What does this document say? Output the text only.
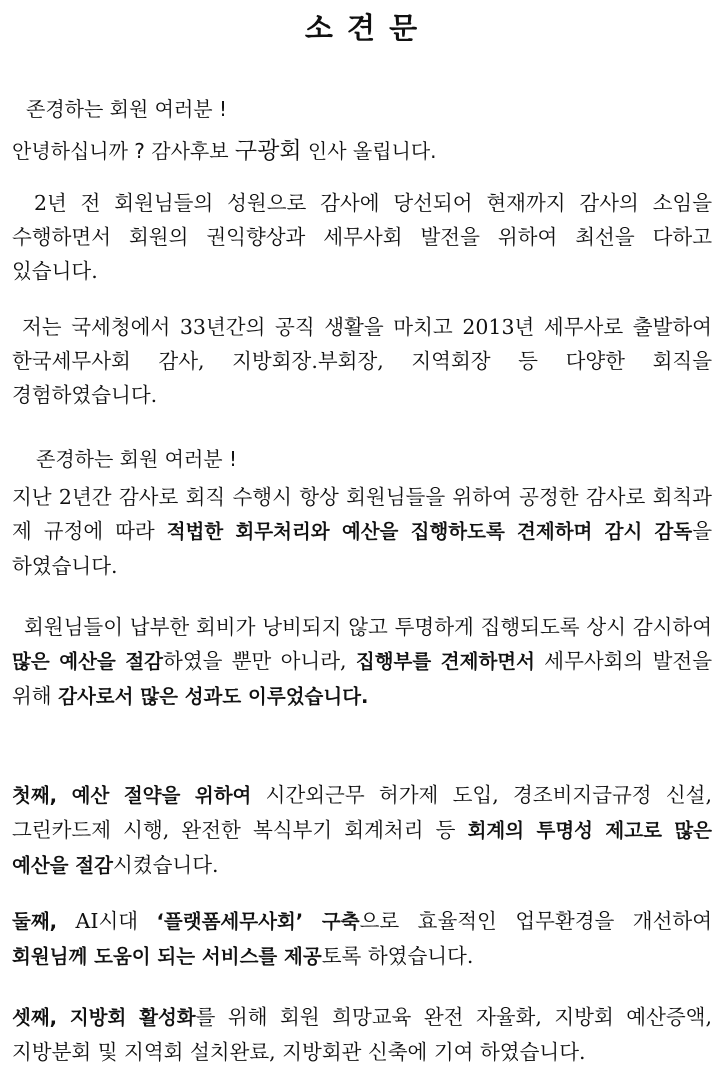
소 견 문
존경하는 회원 여러분 !
안녕하십니까 ? 감사후보 구광회 인사 올립니다.
2년 전 회원님들의 성원으로 감사에 당선되어 현재까지 감사의 소임을 수행하면서 회원의 권익향상과 세무사회 발전을 위하여 최선을 다하고 있습니다.
저는 국세청에서 33년간의 공직 생활을 마치고 2013년 세무사로 출발하여 한국세무사회 감사, 지방회장.부회장, 지역회장 등 다양한 회직을 경험하였습니다.
존경하는 회원 여러분 !
지난 2년간 감사로 회직 수행시 항상 회원님들을 위하여 공정한 감사로 회칙과 제 규정에 따라 적법한 회무처리와 예산을 집행하도록 견제하며 감시 감독을 하였습니다.
회원님들이 납부한 회비가 낭비되지 않고 투명하게 집행되도록 상시 감시하여 많은 예산을 절감하였을 뿐만 아니라, 집행부를 견제하면서 세무사회의 발전을 위해 감사로서 많은 성과도 이루었습니다.
첫째, 예산 절약을 위하여 시간외근무 허가제 도입, 경조비지급규정 신설, 그린카드제 시행, 완전한 복식부기 회계처리 등 회계의 투명성 제고로 많은 예산을 절감시켰습니다.
둘째, AI시대 ‘플랫폼세무사회’ 구축으로 효율적인 업무환경을 개선하여 회원님께 도움이 되는 서비스를 제공토록 하였습니다.
셋째, 지방회 활성화를 위해 회원 희망교육 완전 자율화, 지방회 예산증액, 지방분회 및 지역회 설치완료, 지방회관 신축에 기여 하였습니다.
